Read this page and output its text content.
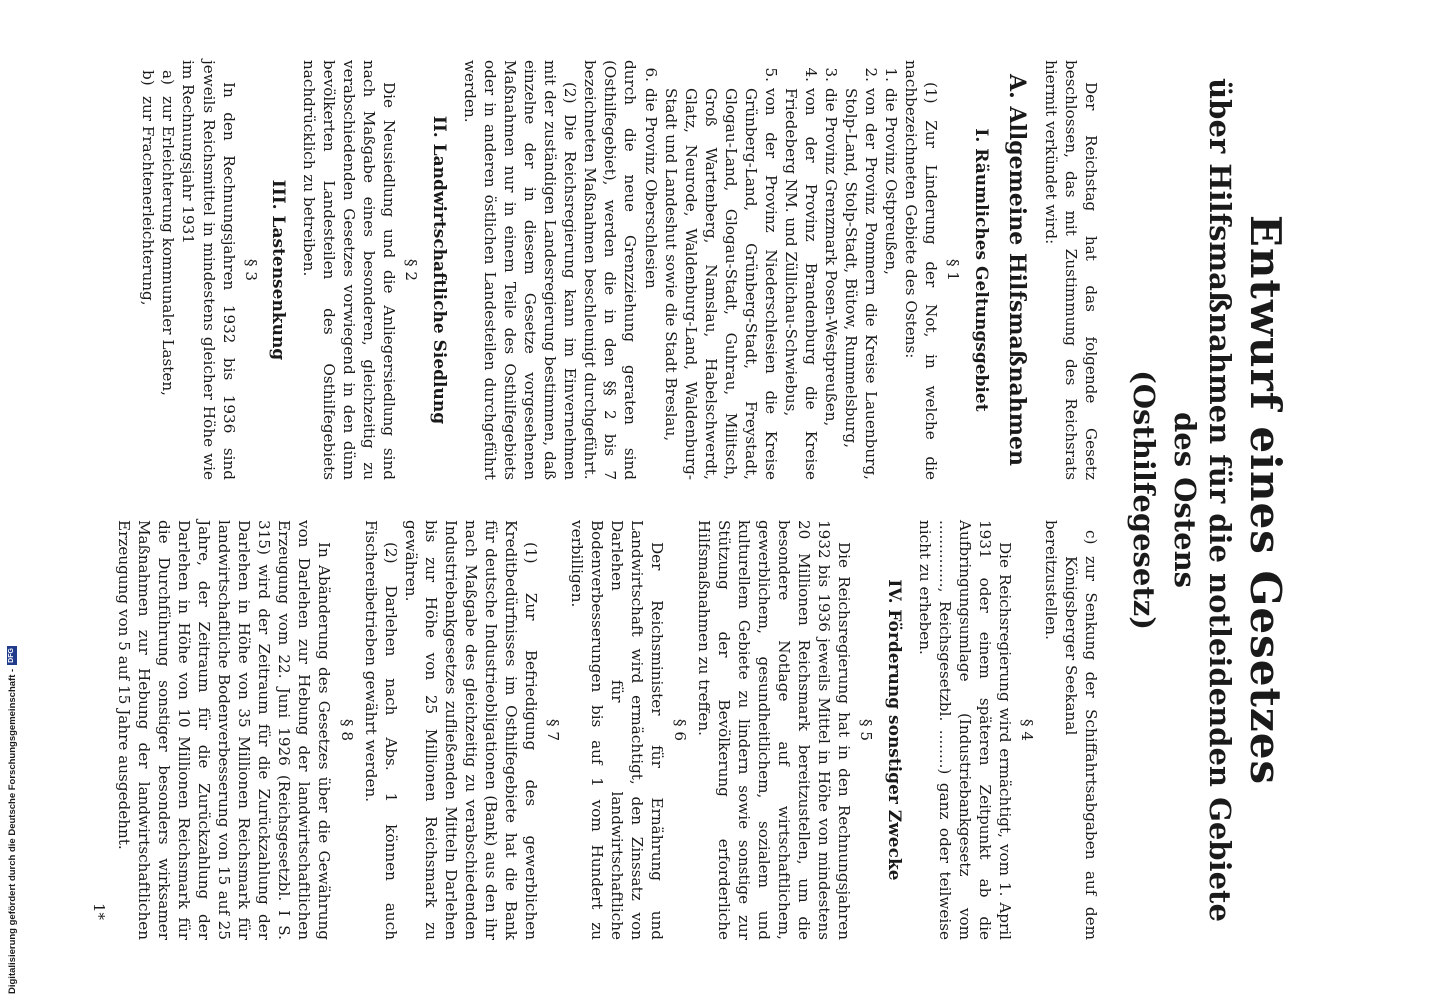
Entwurf eines Gesetzes
über Hilfsmaßnahmen für die notleidenden Gebiete des Ostens
(Osthilfegesetz)

Der Reichstag hat das folgende Gesetz beschlossen, das mit Zustimmung des Reichsrats hiermit verkündet wird:

A. Allgemeine Hilfsmaßnahmen
I. Räumliches Geltungsgebiet
§ 1

(1) Zur Linderung der Not, in welche die nachbezeichneten Gebiete des Ostens:

1.
die Provinz Ostpreußen,
2.
von der Provinz Pommern die Kreise Lauenburg, Stolp-Land, Stolp-Stadt, Bütow, Rummelsburg,
3.
die Provinz Grenzmark Posen-Westpreußen,
4.
von der Provinz Brandenburg die Kreise Friedeberg NM. und Züllichau-Schwiebus,
5.
von der Provinz Niederschlesien die Kreise Grünberg-Land, Grünberg-Stadt, Freystadt, Glogau-Land, Glogau-Stadt, Guhrau, Militsch, Groß Wartenberg, Namslau, Habelschwerdt, Glatz, Neurode, Waldenburg-Land, Waldenburg-Stadt und Landeshut sowie die Stadt Breslau,
6.
die Provinz Oberschlesien

durch die neue Grenzziehung geraten sind (Osthilfegebiet), werden die in den §§ 2 bis 7 bezeichneten Maßnahmen beschleunigt durchgeführt.

(2) Die Reichsregierung kann im Einvernehmen mit der zuständigen Landesregierung bestimmen, daß einzelne der in diesem Gesetze vorgesehenen Maßnahmen nur in einem Teile des Osthilfegebiets oder in anderen östlichen Landesteilen durchgeführt werden.

II. Landwirtschaftliche Siedlung
§ 2

Die Neusiedlung und die Anliegersiedlung sind nach Maßgabe eines besonderen, gleichzeitig zu verabschiedenden Gesetzes vorwiegend in den dünn bevölkerten Landesteilen des Osthilfegebiets nachdrücklich zu betreiben.

III. Lastensenkung
§ 3

In den Rechnungsjahren 1932 bis 1936 sind jeweils Reichsmittel in mindestens gleicher Höhe wie im Rechnungsjahr 1931

a)
zur Erleichterung kommunaler Lasten,
b)
zur Frachtenerleichterung,
c)
zur Senkung der Schiffahrtsabgaben auf dem Königsberger Seekanal

bereitzustellen.

§ 4

Die Reichsregierung wird ermächtigt, vom 1. April 1931 oder einem späteren Zeitpunkt ab die Aufbringungsumlage (Industriebankgesetz vom .............., Reichsgesetzbl. ........) ganz oder teilweise nicht zu erheben.

IV. Förderung sonstiger Zwecke
§ 5

Die Reichsregierung hat in den Rechnungsjahren 1932 bis 1936 jeweils Mittel in Höhe von mindestens 20 Millionen Reichsmark bereitzustellen, um die besondere Notlage auf wirtschaftlichem, gewerblichem, gesundheitlichem, sozialem und kulturellem Gebiete zu lindern sowie sonstige zur Stützung der Bevölkerung erforderliche Hilfsmaßnahmen zu treffen.

§ 6

Der Reichsminister für Ernährung und Landwirtschaft wird ermächtigt, den Zinssatz von Darlehen für landwirtschaftliche Bodenverbesserungen bis auf 1 vom Hundert zu verbilligen.

§ 7

(1) Zur Befriedigung des gewerblichen Kreditbedürfnisses im Osthilfegebiete hat die Bank für deutsche Industrieobligationen (Bank) aus den ihr nach Maßgabe des gleichzeitig zu verabschiedenden Industriebankgesetzes zufließenden Mitteln Darlehen bis zur Höhe von 25 Millionen Reichsmark zu gewähren.

(2) Darlehen nach Abs. 1 können auch Fischereibetrieben gewährt werden.

§ 8

In Abänderung des Gesetzes über die Gewährung von Darlehen zur Hebung der landwirtschaftlichen Erzeugung vom 22. Juni 1926 (Reichsgesetzbl. I S. 315) wird der Zeitraum für die Zurückzahlung der Darlehen in Höhe von 35 Millionen Reichsmark für landwirtschaftliche Bodenverbesserung von 15 auf 25 Jahre, der Zeitraum für die Zurückzahlung der Darlehen in Höhe von 10 Millionen Reichsmark für die Durchführung sonstiger besonders wirksamer Maßnahmen zur Hebung der landwirtschaftlichen Erzeugung von 5 auf 15 Jahre ausgedehnt.

1*
Digitalisierung gefördert durch die Deutsche Forschungsgemeinschaft -
DFG
